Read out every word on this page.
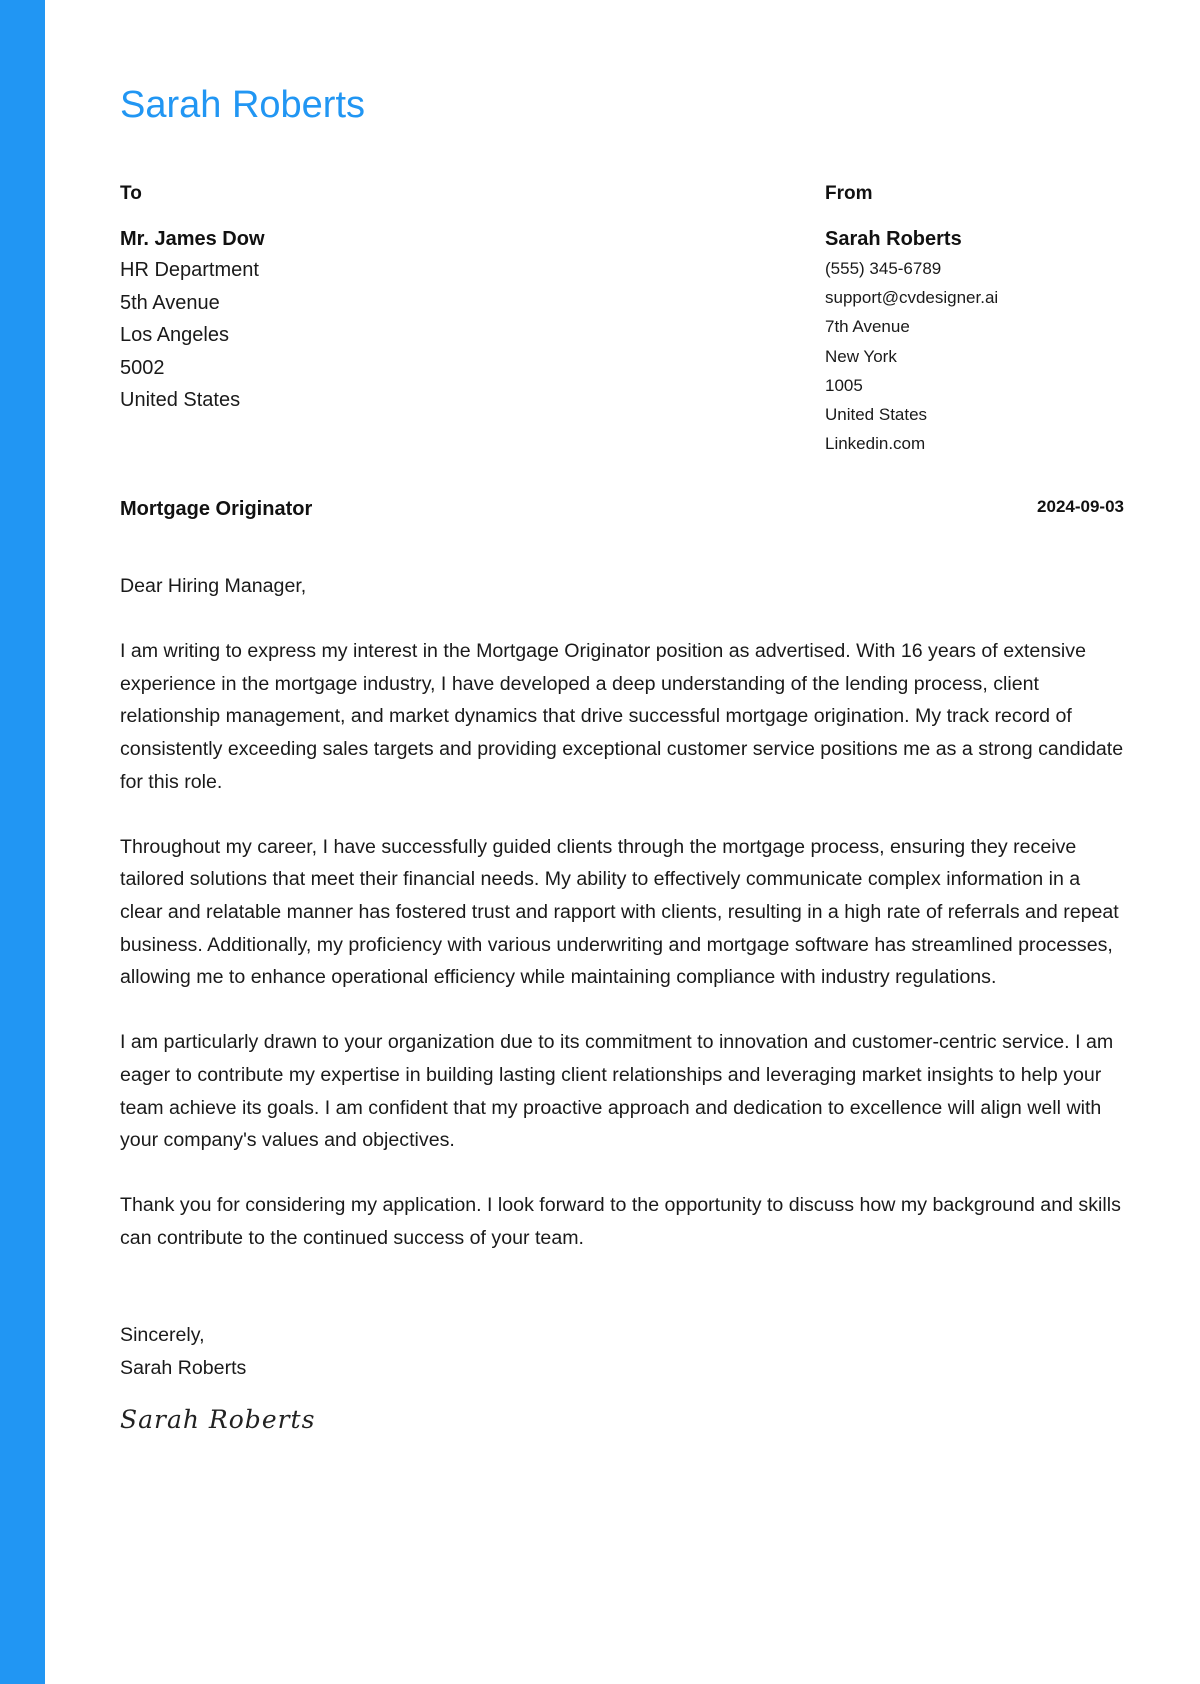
Sarah Roberts
To
Mr. James Dow
HR Department
5th Avenue
Los Angeles
5002
United States
From
Sarah Roberts
(555) 345-6789
support@cvdesigner.ai
7th Avenue
New York
1005
United States
Linkedin.com
Mortgage Originator	2024-09-03

Dear Hiring Manager,

I am writing to express my interest in the Mortgage Originator position as advertised. With 16 years of extensive experience in the mortgage industry, I have developed a deep understanding of the lending process, client relationship management, and market dynamics that drive successful mortgage origination. My track record of consistently exceeding sales targets and providing exceptional customer service positions me as a strong candidate for this role.

Throughout my career, I have successfully guided clients through the mortgage process, ensuring they receive tailored solutions that meet their financial needs. My ability to effectively communicate complex information in a clear and relatable manner has fostered trust and rapport with clients, resulting in a high rate of referrals and repeat business. Additionally, my proficiency with various underwriting and mortgage software has streamlined processes, allowing me to enhance operational efficiency while maintaining compliance with industry regulations.

I am particularly drawn to your organization due to its commitment to innovation and customer-centric service. I am eager to contribute my expertise in building lasting client relationships and leveraging market insights to help your team achieve its goals. I am confident that my proactive approach and dedication to excellence will align well with your company's values and objectives.

Thank you for considering my application. I look forward to the opportunity to discuss how my background and skills can contribute to the continued success of your team.

Sincerely,
Sarah Roberts
Sarah Roberts
